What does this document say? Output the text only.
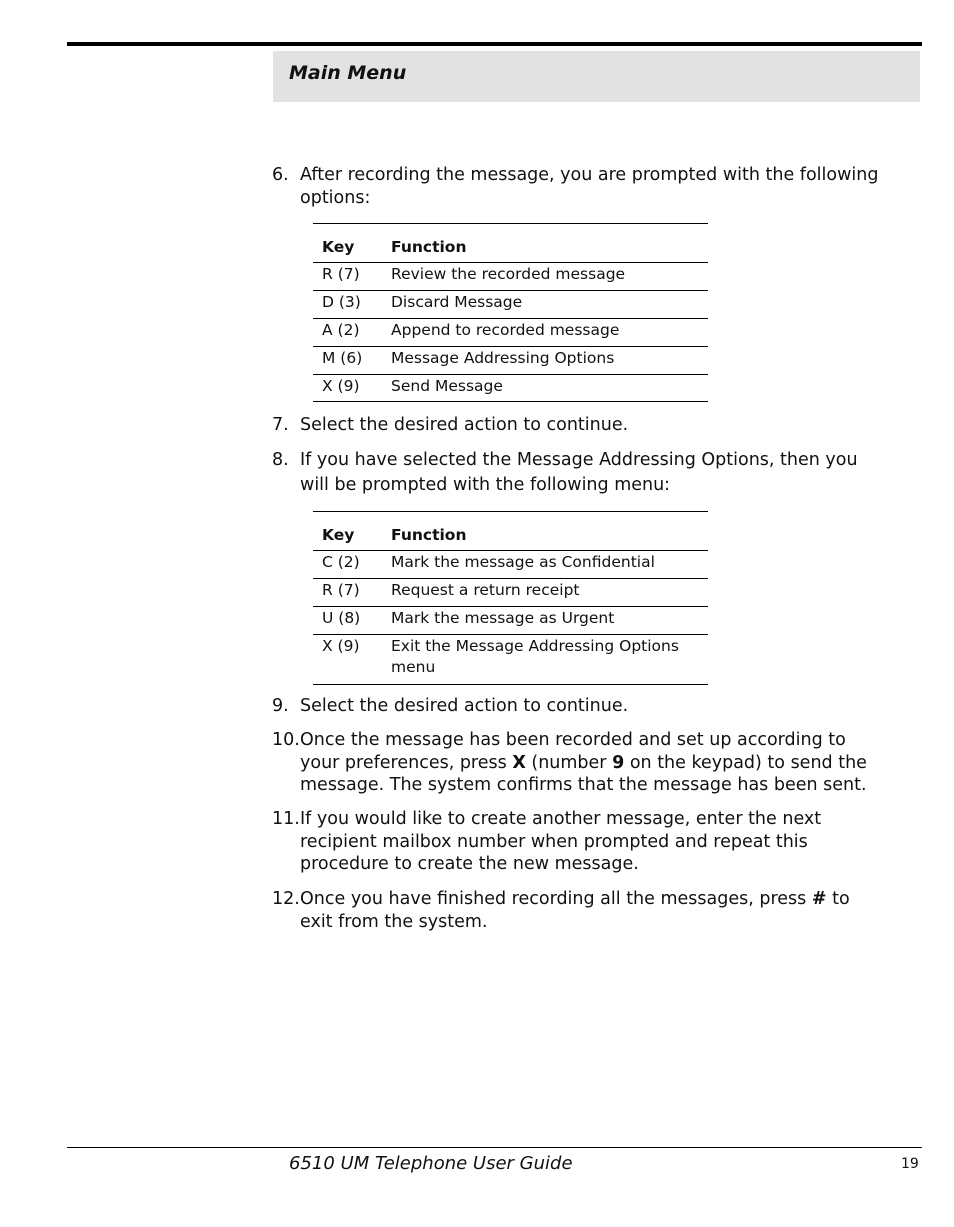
Main Menu
6. After recording the message, you are prompted with the following options:
Key	Function
R (7)	Review the recorded message
D (3)	Discard Message
A (2)	Append to recorded message
M (6)	Message Addressing Options
X (9)	Send Message
7. Select the desired action to continue.
8. If you have selected the Message Addressing Options, then you will be prompted with the following menu:
Key	Function
C (2)	Mark the message as Confidential
R (7)	Request a return receipt
U (8)	Mark the message as Urgent
X (9)	Exit the Message Addressing Options menu
9. Select the desired action to continue.
10. Once the message has been recorded and set up according to your preferences, press X (number 9 on the keypad) to send the message. The system confirms that the message has been sent.
11. If you would like to create another message, enter the next recipient mailbox number when prompted and repeat this procedure to create the new message.
12. Once you have finished recording all the messages, press # to exit from the system.
6510 UM Telephone User Guide	19
